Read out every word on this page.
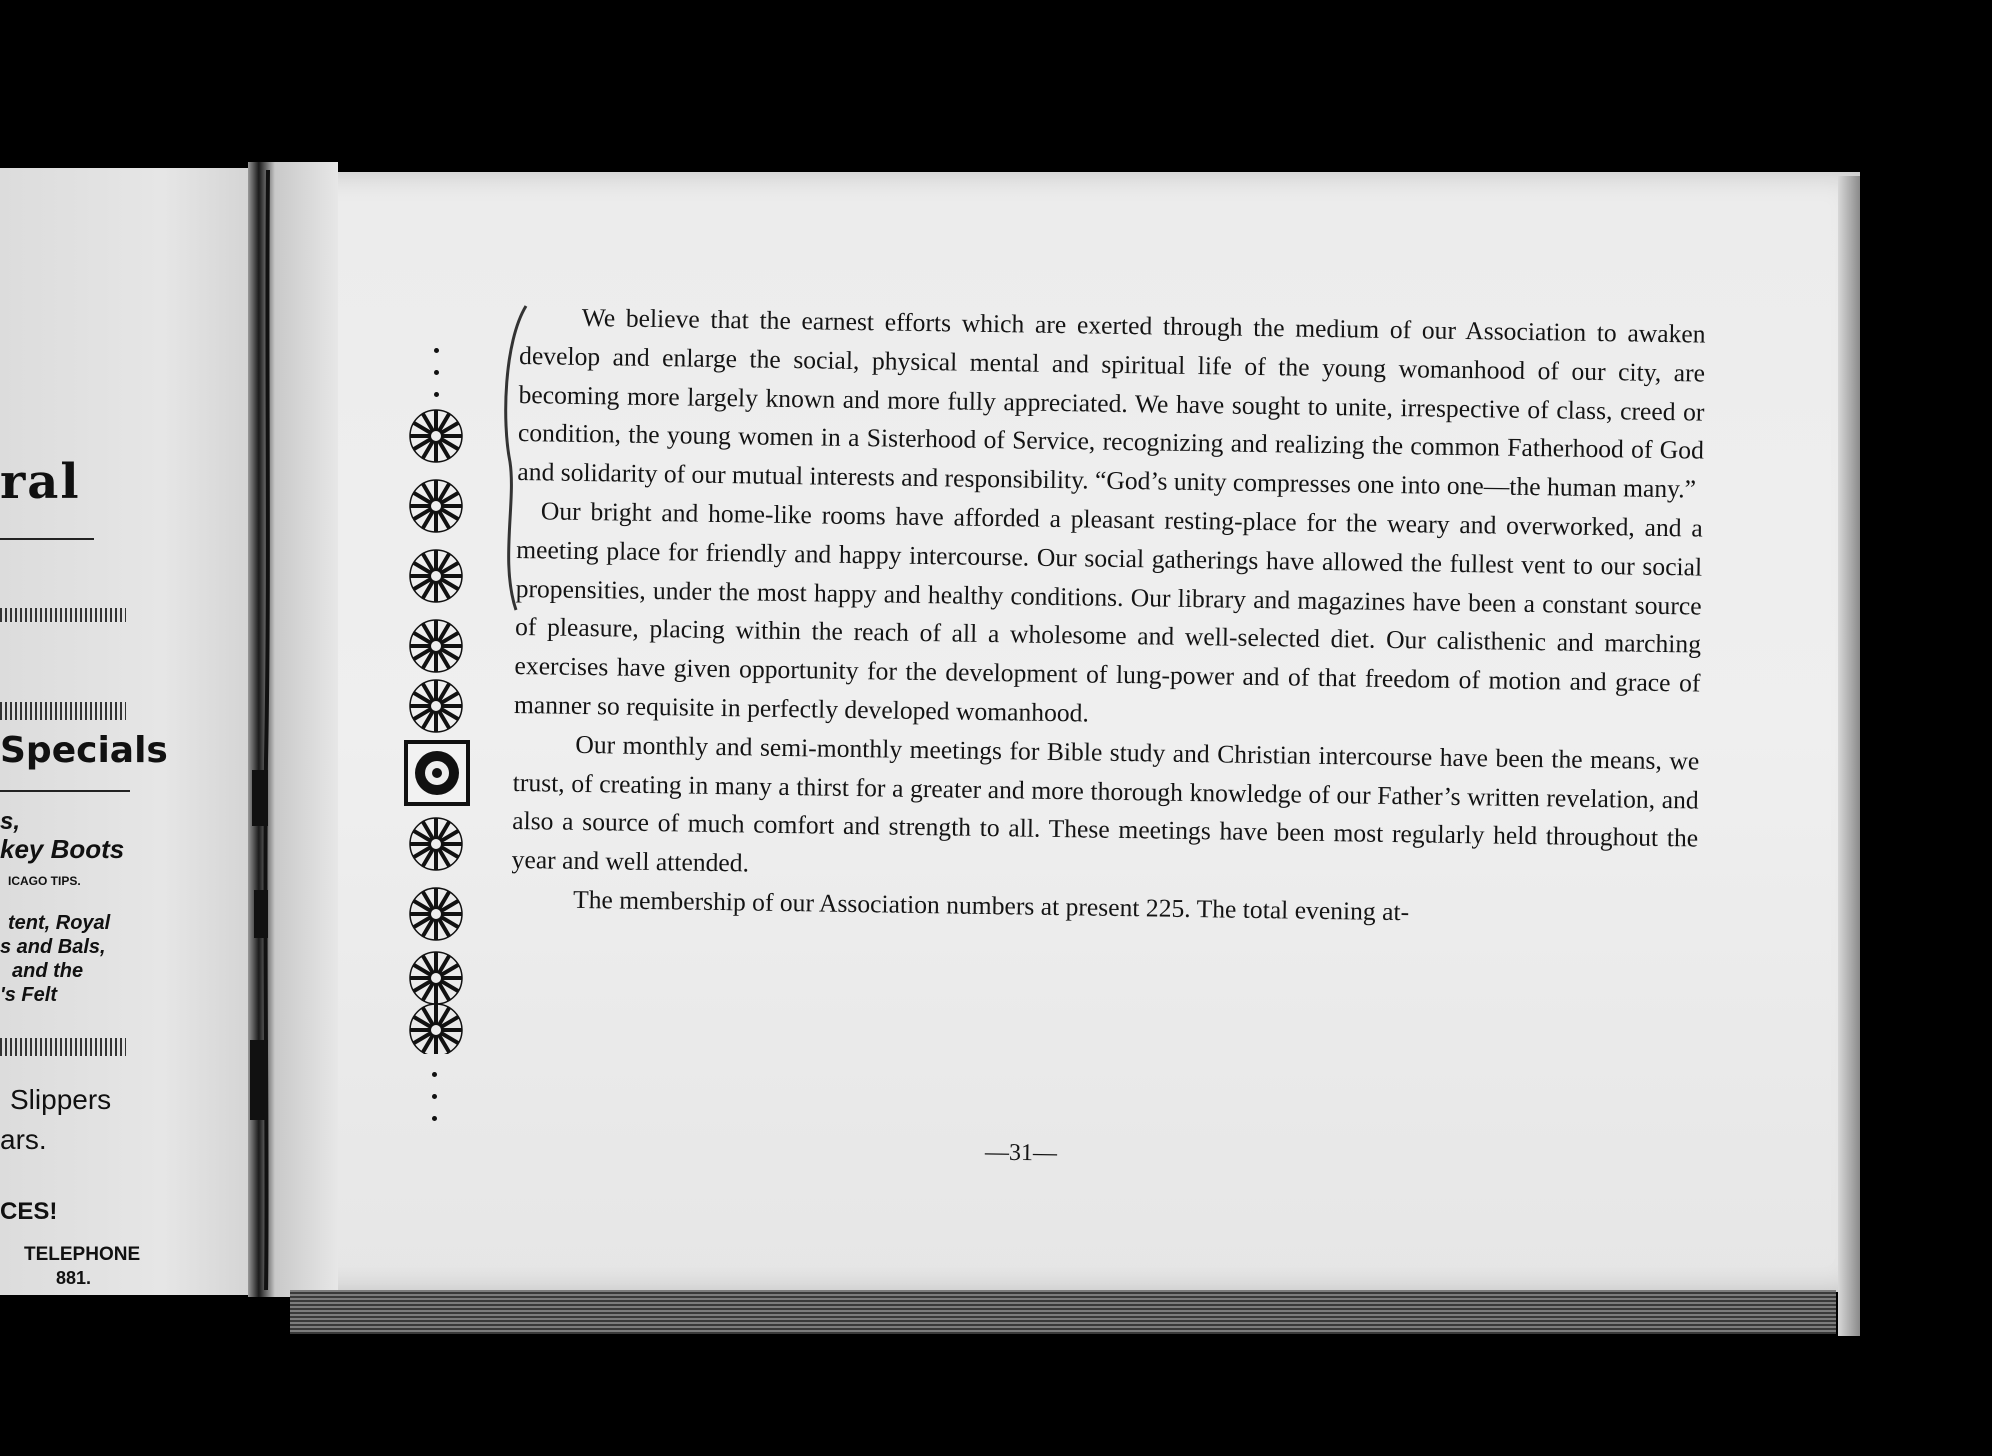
ral
Specials
s,
key Boots
ICAGO TIPS.
tent, Royal
s and Bals,
and the
's Felt
Slippers
ars.
CES!
TELEPHONE
881.

We believe that the earnest efforts which are exerted through the medium of our Association to awaken develop and enlarge the social, physical mental and spiritual life of the young womanhood of our city, are becoming more largely known and more fully appreciated. We have sought to unite, irrespective of class, creed or condition, the young women in a Sisterhood of Service, recognizing and realizing the common Fatherhood of God and solidarity of our mutual interests and responsibility. “God’s unity compresses one into one—the human many.”

Our bright and home-like rooms have afforded a pleasant resting-place for the weary and overworked, and a meeting place for friendly and happy intercourse. Our social gatherings have allowed the fullest vent to our social propensities, under the most happy and healthy conditions. Our library and magazines have been a constant source of pleasure, placing within the reach of all a wholesome and well-selected diet. Our calisthenic and marching exercises have given opportunity for the development of lung-power and of that freedom of motion and grace of manner so requisite in perfectly developed womanhood.

Our monthly and semi-monthly meetings for Bible study and Christian intercourse have been the means, we trust, of creating in many a thirst for a greater and more thorough knowledge of our Father’s written revelation, and also a source of much comfort and strength to all. These meetings have been most regularly held throughout the year and well attended.

The membership of our Association numbers at present 225. The total evening at-

—31—
